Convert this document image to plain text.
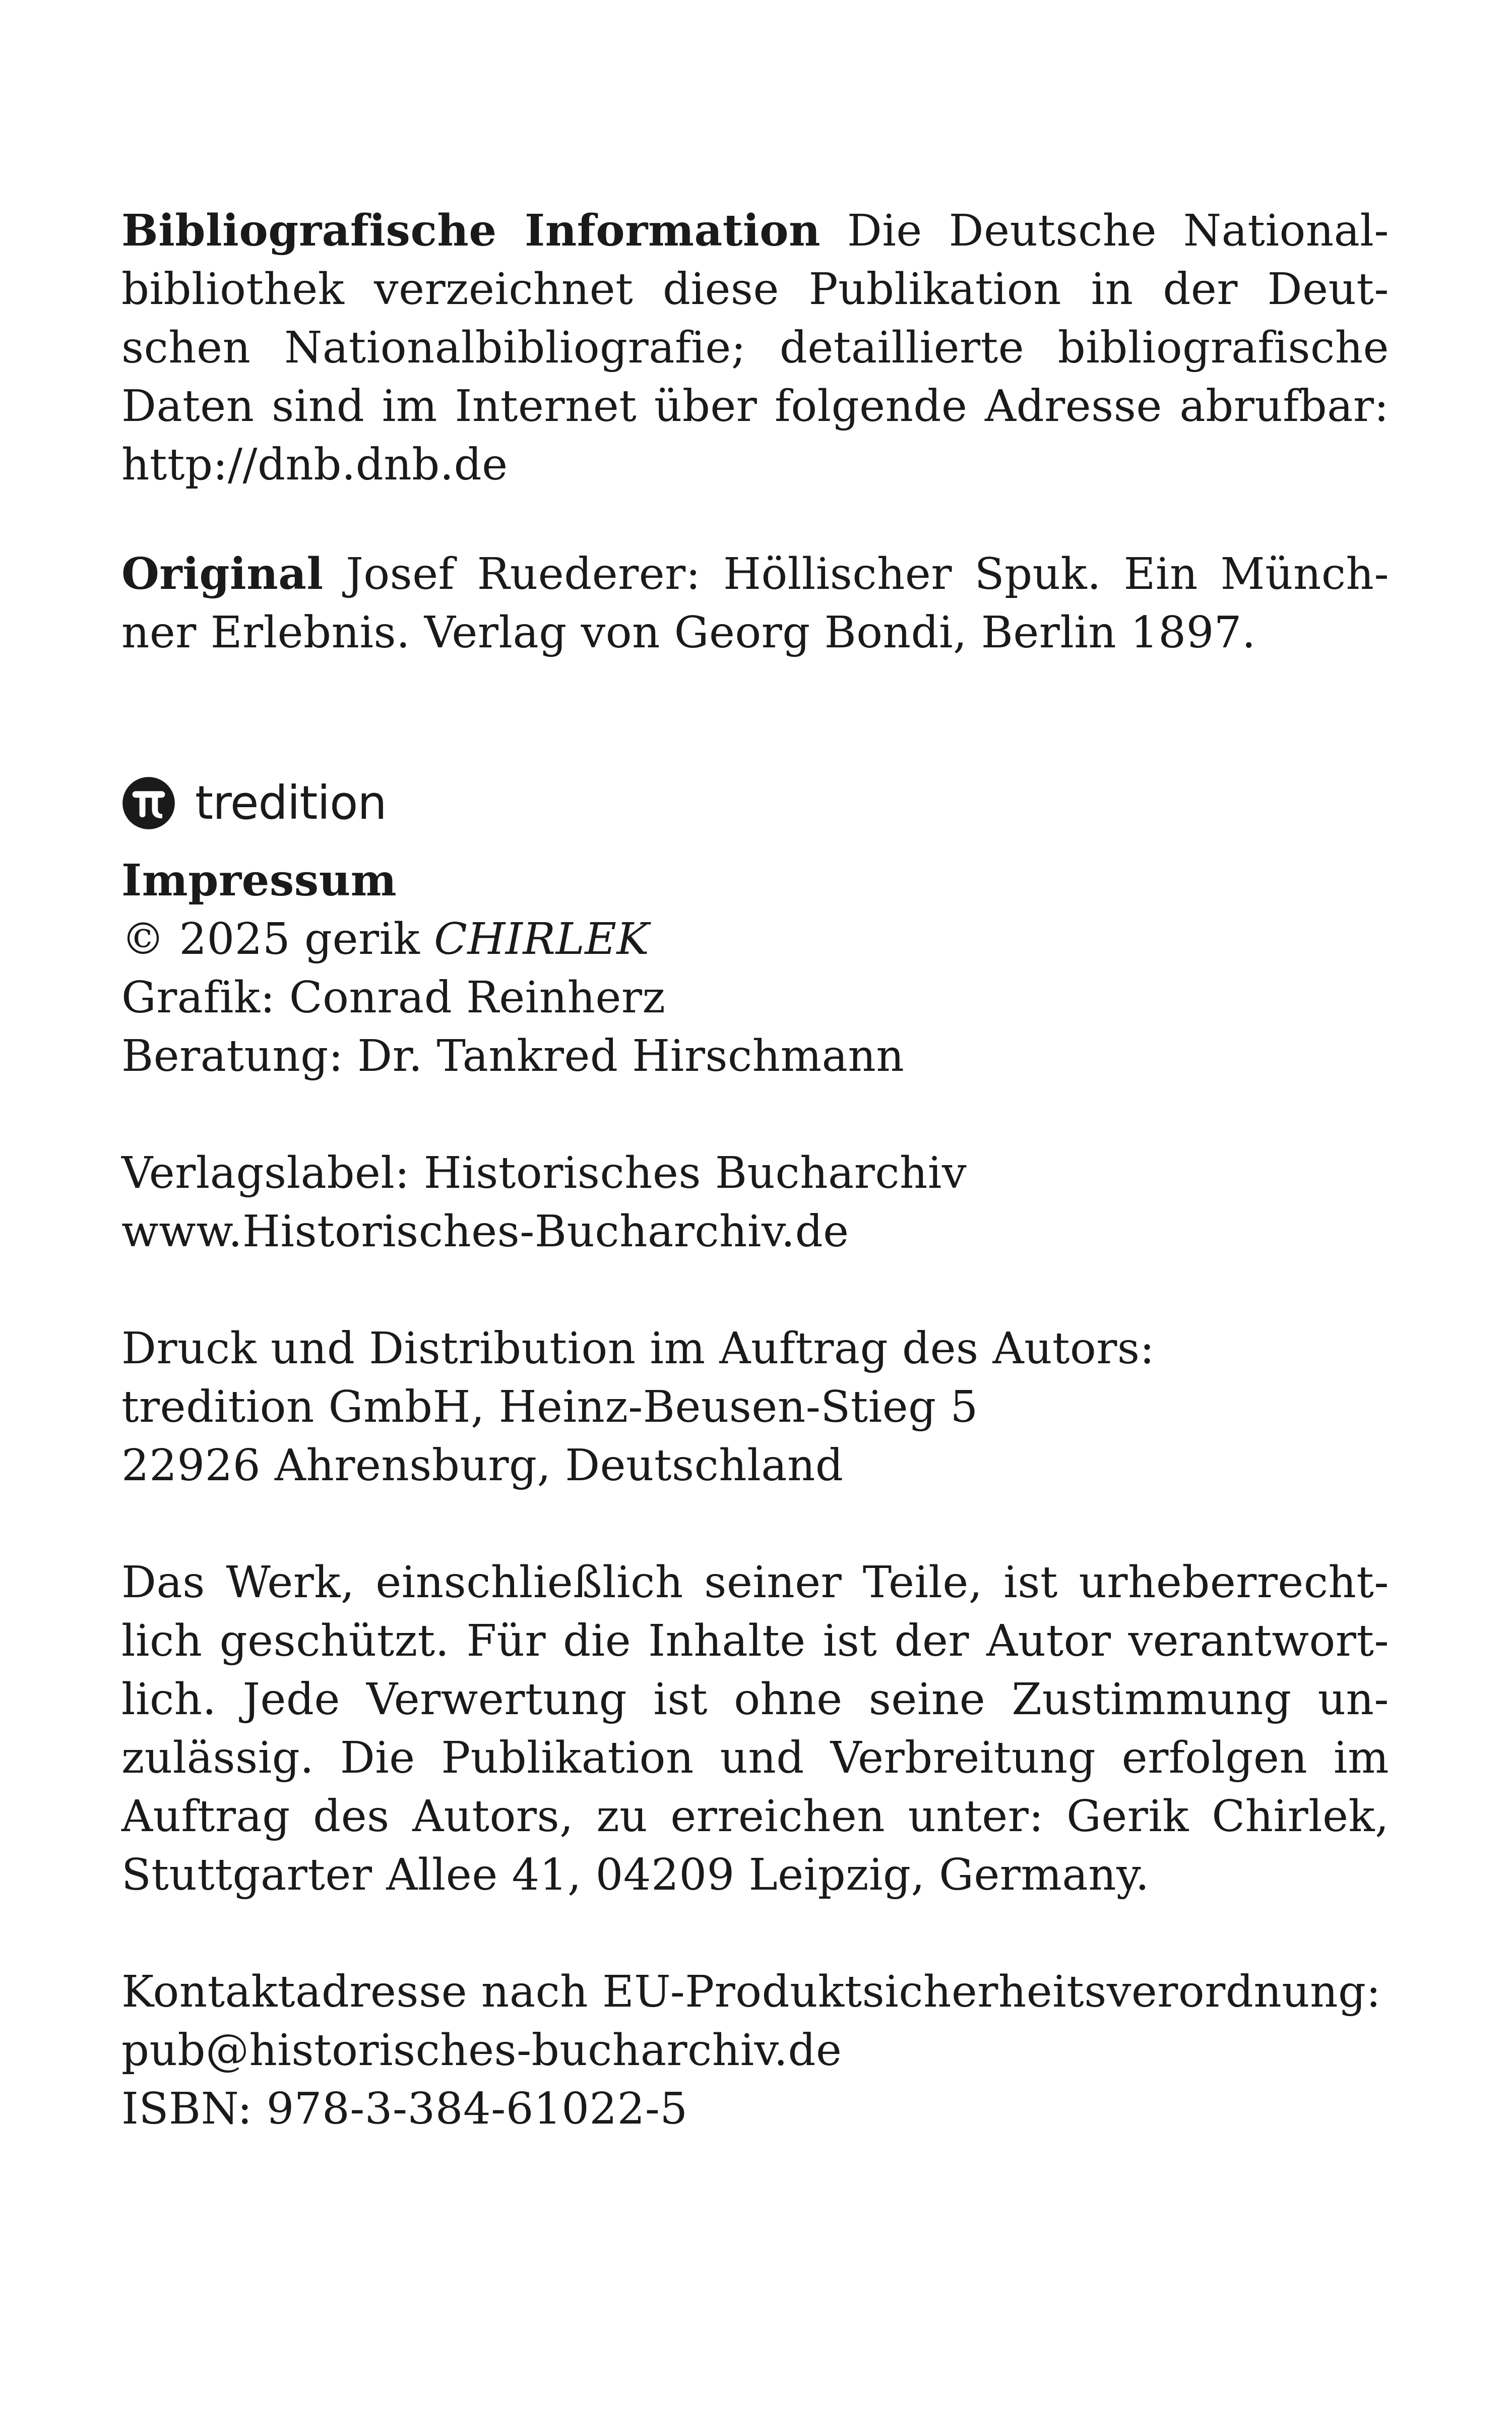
Bibliografische Information Die Deutsche National-
bibliothek verzeichnet diese Publikation in der Deut-
schen Nationalbibliografie; detaillierte bibliografische
Daten sind im Internet über folgende Adresse abrufbar:
http://dnb.dnb.de
Original Josef Ruederer: Höllischer Spuk. Ein Münch-
ner Erlebnis. Verlag von Georg Bondi, Berlin 1897.
tredition
Impressum
© 2025 gerik CHIRLEK
Grafik: Conrad Reinherz
Beratung: Dr. Tankred Hirschmann
Verlagslabel: Historisches Bucharchiv
www.Historisches-Bucharchiv.de
Druck und Distribution im Auftrag des Autors:
tredition GmbH, Heinz-Beusen-Stieg 5
22926 Ahrensburg, Deutschland
Das Werk, einschließlich seiner Teile, ist urheberrecht-
lich geschützt. Für die Inhalte ist der Autor verantwort-
lich. Jede Verwertung ist ohne seine Zustimmung un-
zulässig. Die Publikation und Verbreitung erfolgen im
Auftrag des Autors, zu erreichen unter: Gerik Chirlek,
Stuttgarter Allee 41, 04209 Leipzig, Germany.
Kontaktadresse nach EU-Produktsicherheitsverordnung:
pub@historisches-bucharchiv.de
ISBN: 978-3-384-61022-5
